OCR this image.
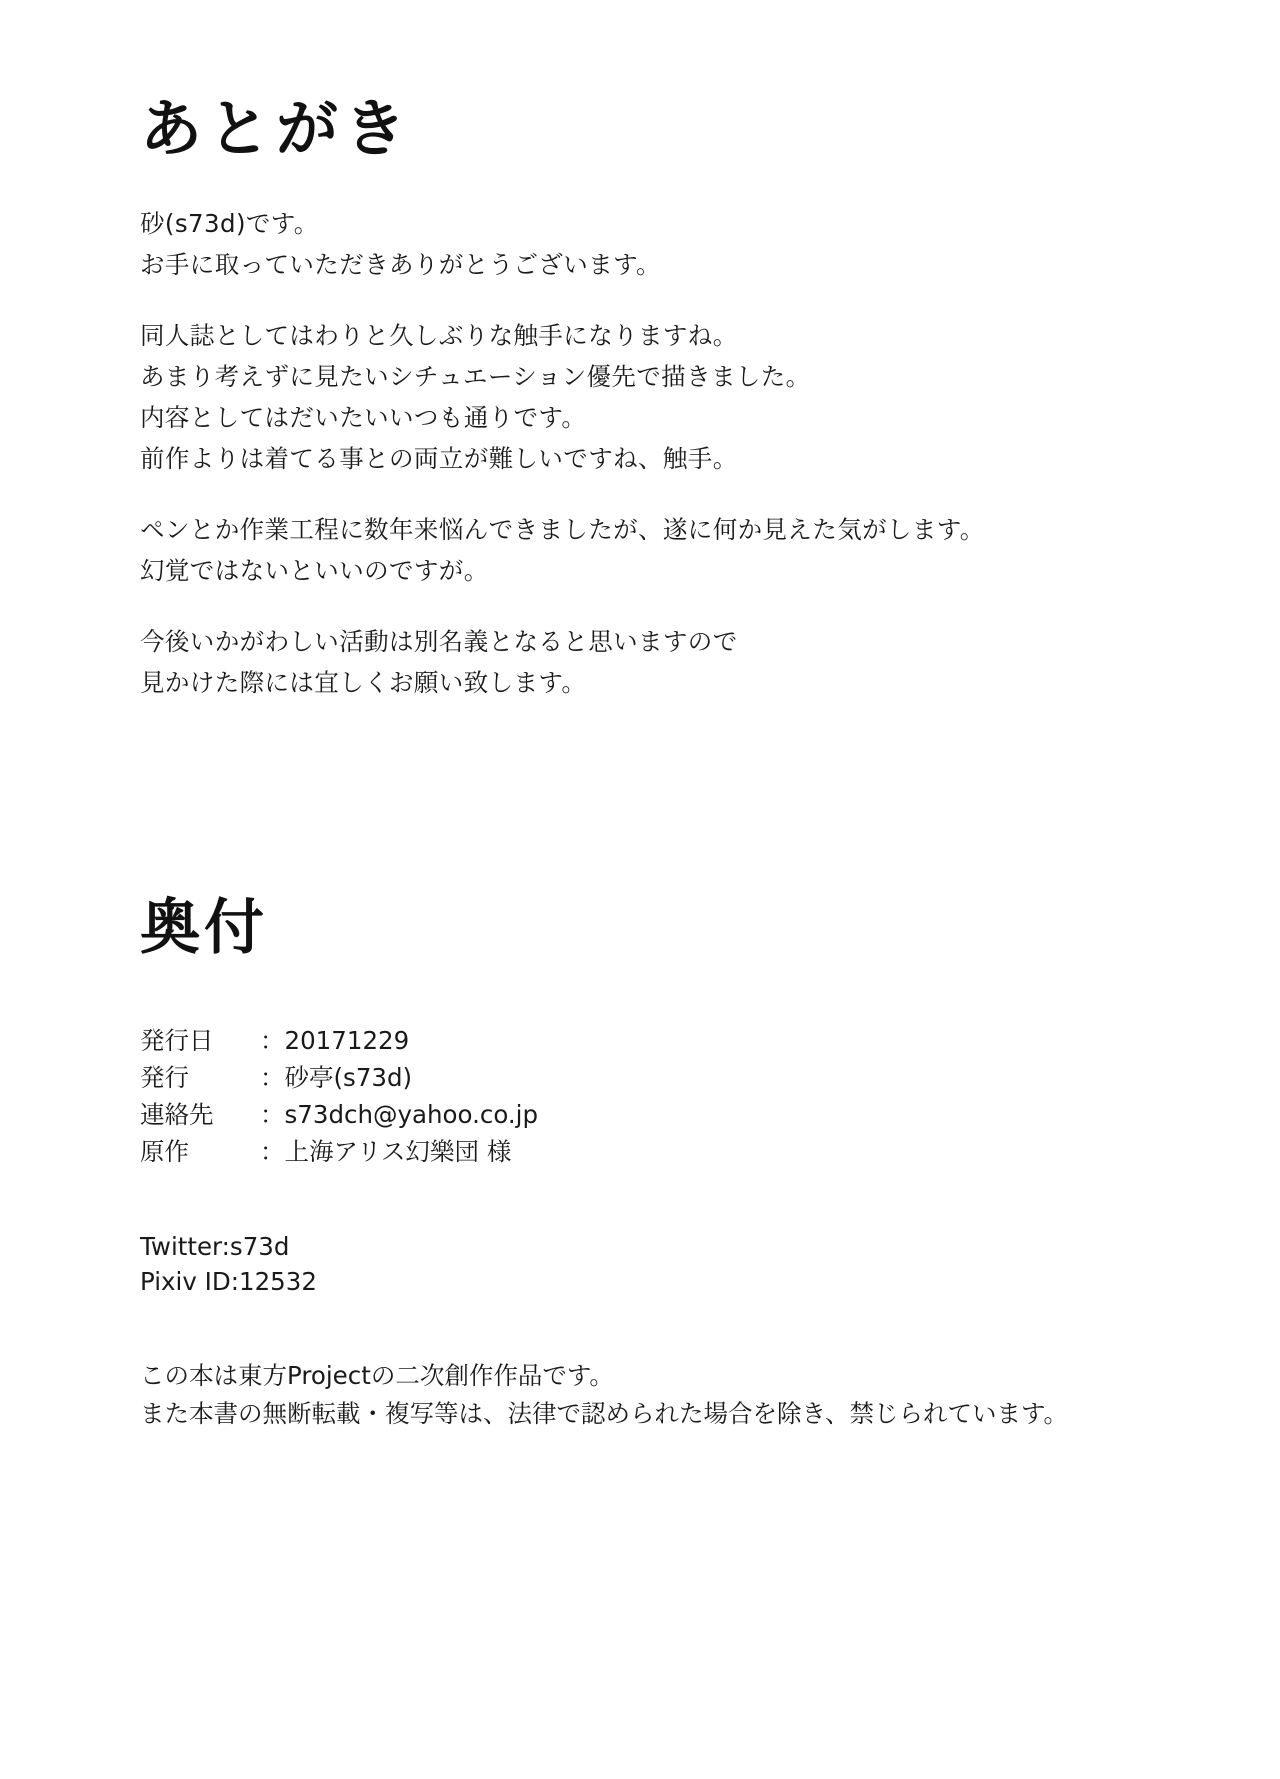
あとがき

砂(s73d)です。
お手に取っていただきありがとうございます。

同人誌としてはわりと久しぶりな触手になりますね。
あまり考えずに見たいシチュエーション優先で描きました。
内容としてはだいたいいつも通りです。
前作よりは着てる事との両立が難しいですね、触手。

ペンとか作業工程に数年来悩んできましたが、遂に何か見えた気がします。
幻覚ではないといいのですが。

今後いかがわしい活動は別名義となると思いますので
見かけた際には宜しくお願い致します。

奥付
発行日	：	20171229
発行	：	砂亭(s73d)
連絡先	：	s73dch@yahoo.co.jp
原作	：	上海アリス幻樂団 様
Twitter:s73d
Pixiv ID:12532
この本は東方Projectの二次創作作品です。
また本書の無断転載・複写等は、法律で認められた場合を除き、禁じられています。
